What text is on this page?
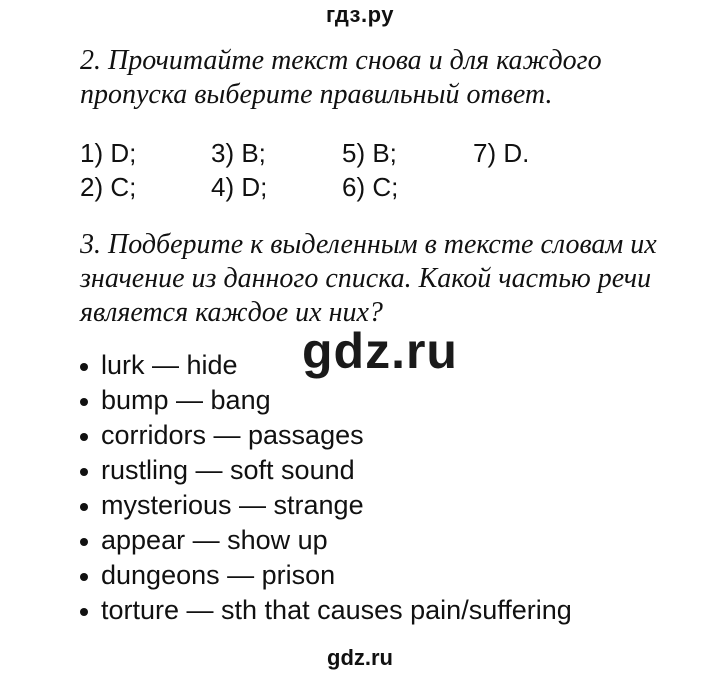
гдз.ру
2. Прочитайте текст снова и для каждого пропуска выберите правильный ответ.
1) D;	3) B;	5) B;	7) D.
2) C;	4) D;	6) C;
3. Подберите к выделенным в тексте словам их значение из данного списка. Какой частью речи является каждое их них?
lurk — hide
bump — bang
corridors — passages
rustling — soft sound
mysterious — strange
appear — show up
dungeons — prison
torture — sth that causes pain/suffering
gdz.ru
gdz.ru
